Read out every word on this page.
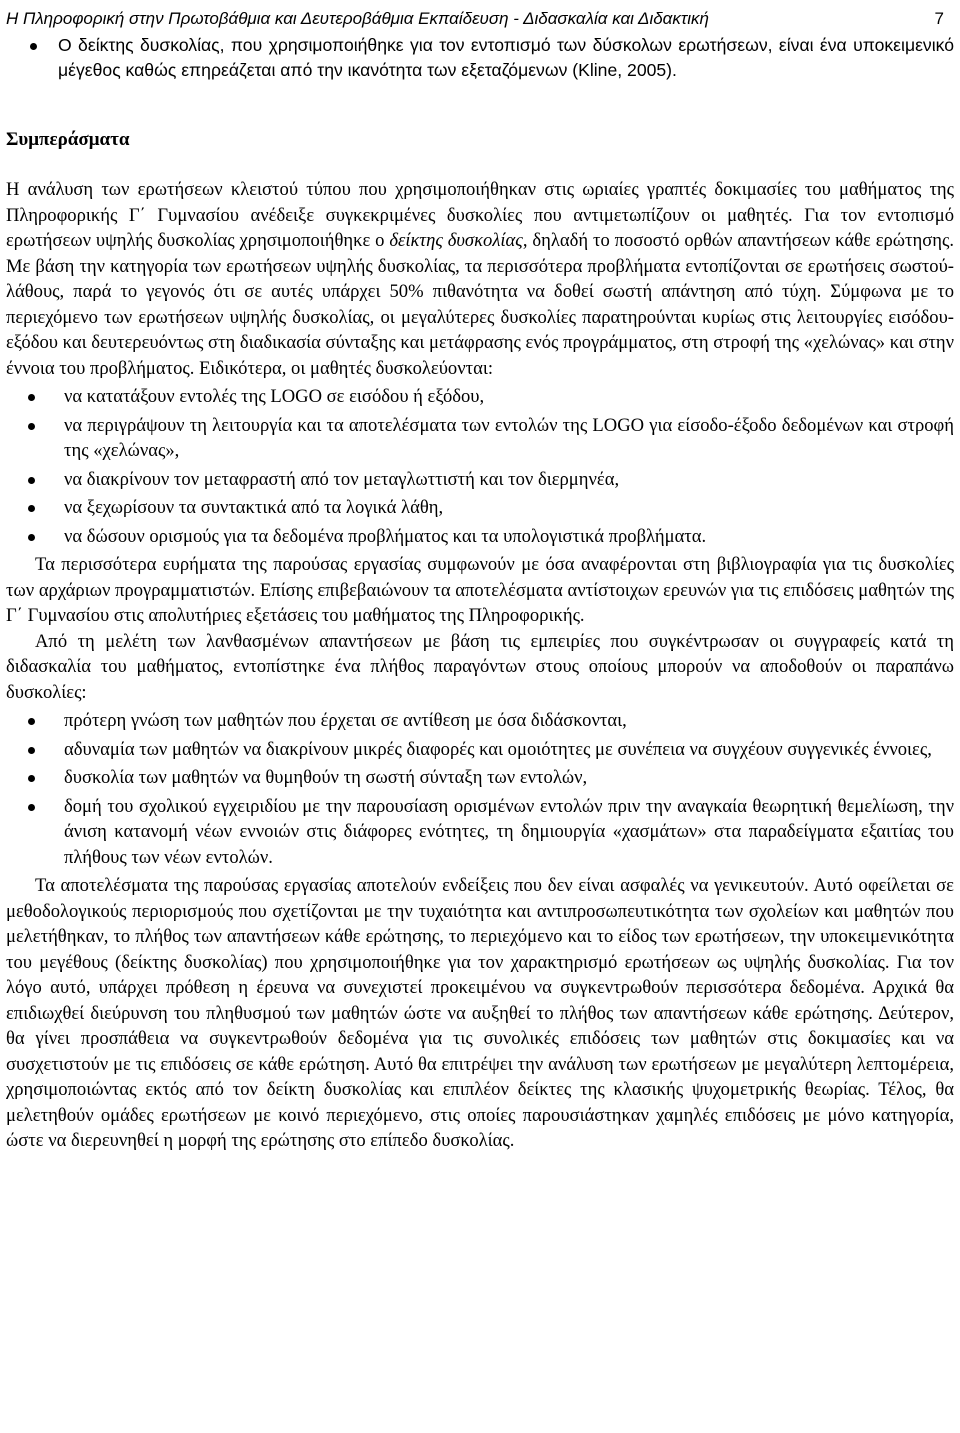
Η Πληροφορική στην Πρωτοβάθμια και Δευτεροβάθμια Εκπαίδευση - Διδασκαλία και Διδακτική	7
Ο δείκτης δυσκολίας, που χρησιμοποιήθηκε για τον εντοπισμό των δύσκολων ερωτήσεων, είναι ένα υποκειμενικό μέγεθος καθώς επηρεάζεται από την ικανότητα των εξεταζόμενων (Kline, 2005).
Συμπεράσματα

Η ανάλυση των ερωτήσεων κλειστού τύπου που χρησιμοποιήθηκαν στις ωριαίες γραπτές δοκιμασίες του μαθήματος της Πληροφορικής Γ΄ Γυμνασίου ανέδειξε συγκεκριμένες δυσκολίες που αντιμετωπίζουν οι μαθητές. Για τον εντοπισμό ερωτήσεων υψηλής δυσκολίας χρησιμοποιήθηκε ο δείκτης δυσκολίας, δηλαδή το ποσοστό ορθών απαντήσεων κάθε ερώτησης. Με βάση την κατηγορία των ερωτήσεων υψηλής δυσκολίας, τα περισσότερα προβλήματα εντοπίζονται σε ερωτήσεις σωστού-λάθους, παρά το γεγονός ότι σε αυτές υπάρχει 50% πιθανότητα να δοθεί σωστή απάντηση από τύχη. Σύμφωνα με το περιεχόμενο των ερωτήσεων υψηλής δυσκολίας, οι μεγαλύτερες δυσκολίες παρατηρούνται κυρίως στις λειτουργίες εισόδου-εξόδου και δευτερευόντως στη διαδικασία σύνταξης και μετάφρασης ενός προγράμματος, στη στροφή της «χελώνας» και στην έννοια του προβλήματος. Ειδικότερα, οι μαθητές δυσκολεύονται:

να κατατάξουν εντολές της LOGO σε εισόδου ή εξόδου,
να περιγράψουν τη λειτουργία και τα αποτελέσματα των εντολών της LOGO για είσοδο-έξοδο δεδομένων και στροφή της «χελώνας»,
να διακρίνουν τον μεταφραστή από τον μεταγλωττιστή και τον διερμηνέα,
να ξεχωρίσουν τα συντακτικά από τα λογικά λάθη,
να δώσουν ορισμούς για τα δεδομένα προβλήματος και τα υπολογιστικά προβλήματα.

Τα περισσότερα ευρήματα της παρούσας εργασίας συμφωνούν με όσα αναφέρονται στη βιβλιογραφία για τις δυσκολίες των αρχάριων προγραμματιστών. Επίσης επιβεβαιώνουν τα αποτελέσματα αντίστοιχων ερευνών για τις επιδόσεις μαθητών της Γ΄ Γυμνασίου στις απολυτήριες εξετάσεις του μαθήματος της Πληροφορικής.

Από τη μελέτη των λανθασμένων απαντήσεων με βάση τις εμπειρίες που συγκέντρωσαν οι συγγραφείς κατά τη διδασκαλία του μαθήματος, εντοπίστηκε ένα πλήθος παραγόντων στους οποίους μπορούν να αποδοθούν οι παραπάνω δυσκολίες:

πρότερη γνώση των μαθητών που έρχεται σε αντίθεση με όσα διδάσκονται,
αδυναμία των μαθητών να διακρίνουν μικρές διαφορές και ομοιότητες με συνέπεια να συγχέουν συγγενικές έννοιες,
δυσκολία των μαθητών να θυμηθούν τη σωστή σύνταξη των εντολών,
δομή του σχολικού εγχειριδίου με την παρουσίαση ορισμένων εντολών πριν την αναγκαία θεωρητική θεμελίωση, την άνιση κατανομή νέων εννοιών στις διάφορες ενότητες, τη δημιουργία «χασμάτων» στα παραδείγματα εξαιτίας του πλήθους των νέων εντολών.

Τα αποτελέσματα της παρούσας εργασίας αποτελούν ενδείξεις που δεν είναι ασφαλές να γενικευτούν. Αυτό οφείλεται σε μεθοδολογικούς περιορισμούς που σχετίζονται με την τυχαιότητα και αντιπροσωπευτικότητα των σχολείων και μαθητών που μελετήθηκαν, το πλήθος των απαντήσεων κάθε ερώτησης, το περιεχόμενο και το είδος των ερωτήσεων, την υποκειμενικότητα του μεγέθους (δείκτης δυσκολίας) που χρησιμοποιήθηκε για τον χαρακτηρισμό ερωτήσεων ως υψηλής δυσκολίας. Για τον λόγο αυτό, υπάρχει πρόθεση η έρευνα να συνεχιστεί προκειμένου να συγκεντρωθούν περισσότερα δεδομένα. Αρχικά θα επιδιωχθεί διεύρυνση του πληθυσμού των μαθητών ώστε να αυξηθεί το πλήθος των απαντήσεων κάθε ερώτησης. Δεύτερον, θα γίνει προσπάθεια να συγκεντρωθούν δεδομένα για τις συνολικές επιδόσεις των μαθητών στις δοκιμασίες και να συσχετιστούν με τις επιδόσεις σε κάθε ερώτηση. Αυτό θα επιτρέψει την ανάλυση των ερωτήσεων με μεγαλύτερη λεπτομέρεια, χρησιμοποιώντας εκτός από τον δείκτη δυσκολίας και επιπλέον δείκτες της κλασικής ψυχομετρικής θεωρίας. Τέλος, θα μελετηθούν ομάδες ερωτήσεων με κοινό περιεχόμενο, στις οποίες παρουσιάστηκαν χαμηλές επιδόσεις με μόνο κατηγορία, ώστε να διερευνηθεί η μορφή της ερώτησης στο επίπεδο δυσκολίας.
